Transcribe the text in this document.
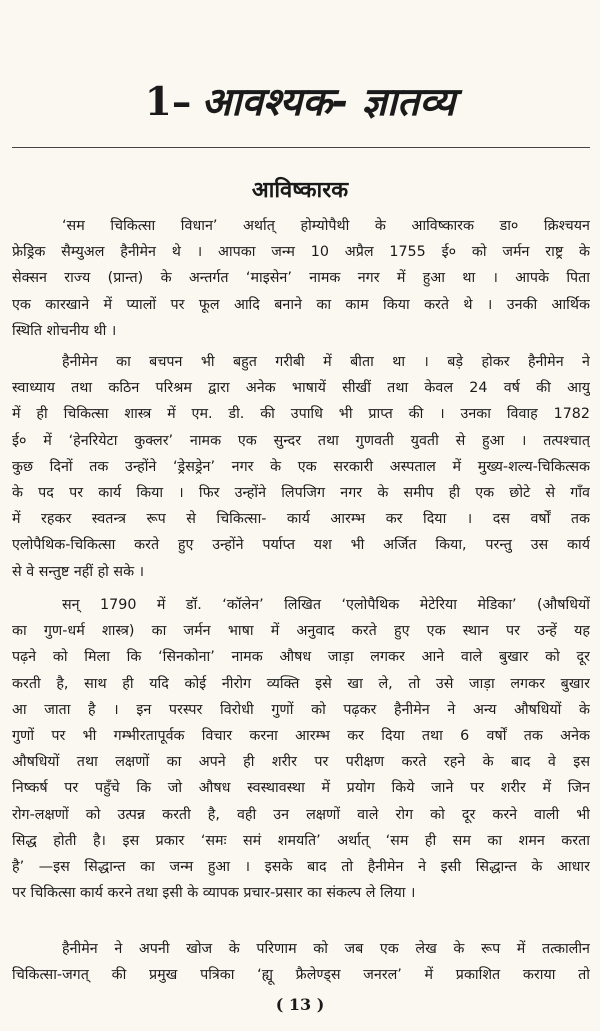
1– आवश्यक- ज्ञातव्य
आविष्कारक
‘सम चिकित्सा विधान’ अर्थात् होम्योपैथी के आविष्कारक डा० क्रिश्चयन
फ्रेड्रिक सैम्युअल हैनीमेन थे । आपका जन्म 10 अप्रैल 1755 ई० को जर्मन राष्ट्र के
सेक्सन राज्य (प्रान्त) के अन्तर्गत ‘माइसेन’ नामक नगर में हुआ था । आपके पिता
एक कारखाने में प्यालों पर फूल आदि बनाने का काम किया करते थे । उनकी आर्थिक
स्थिति शोचनीय थी ।
हैनीमेन का बचपन भी बहुत गरीबी में बीता था । बड़े होकर हैनीमेन ने
स्वाध्याय तथा कठिन परिश्रम द्वारा अनेक भाषायें सीखीं तथा केवल 24 वर्ष की आयु
में ही चिकित्सा शास्त्र में एम. डी. की उपाधि भी प्राप्त की । उनका विवाह 1782
ई० में ‘हेनरियेटा कुक्लर’ नामक एक सुन्दर तथा गुणवती युवती से हुआ । तत्पश्चात्
कुछ दिनों तक उन्होंने ‘ड्रेसड्रेन’ नगर के एक सरकारी अस्पताल में मुख्य-शल्य-चिकित्सक
के पद पर कार्य किया । फिर उन्होंने लिपजिग नगर के समीप ही एक छोटे से गाँव
में रहकर स्वतन्त्र रूप से चिकित्सा- कार्य आरम्भ कर दिया । दस वर्षों तक
एलोपैथिक-चिकित्सा करते हुए उन्होंने पर्याप्त यश भी अर्जित किया, परन्तु उस कार्य
से वे सन्तुष्ट नहीं हो सके ।
सन् 1790 में डॉ. ‘कॉलेन’ लिखित ‘एलोपैथिक मेटेरिया मेडिका’ (औषधियों
का गुण-धर्म शास्त्र) का जर्मन भाषा में अनुवाद करते हुए एक स्थान पर उन्हें यह
पढ़ने को मिला कि ‘सिनकोना’ नामक औषध जाड़ा लगकर आने वाले बुखार को दूर
करती है, साथ ही यदि कोई नीरोग व्यक्ति इसे खा ले, तो उसे जाड़ा लगकर बुखार
आ जाता है । इन परस्पर विरोधी गुणों को पढ़कर हैनीमेन ने अन्य औषधियों के
गुणों पर भी गम्भीरतापूर्वक विचार करना आरम्भ कर दिया तथा 6 वर्षों तक अनेक
औषधियों तथा लक्षणों का अपने ही शरीर पर परीक्षण करते रहने के बाद वे इस
निष्कर्ष पर पहुँचे कि जो औषध स्वस्थावस्था में प्रयोग किये जाने पर शरीर में जिन
रोग-लक्षणों को उत्पन्न करती है, वही उन लक्षणों वाले रोग को दूर करने वाली भी
सिद्ध होती है। इस प्रकार ‘समः समं शमयति’ अर्थात् ‘सम ही सम का शमन करता
है’ —इस सिद्धान्त का जन्म हुआ । इसके बाद तो हैनीमेन ने इसी सिद्धान्त के आधार
पर चिकित्सा कार्य करने तथा इसी के व्यापक प्रचार-प्रसार का संकल्प ले लिया ।
हैनीमेन ने अपनी खोज के परिणाम को जब एक लेख के रूप में तत्कालीन
चिकित्सा-जगत् की प्रमुख पत्रिका ‘ह्यू फ्रैलेण्ड्स जनरल’ में प्रकाशित कराया तो
( 13 )
